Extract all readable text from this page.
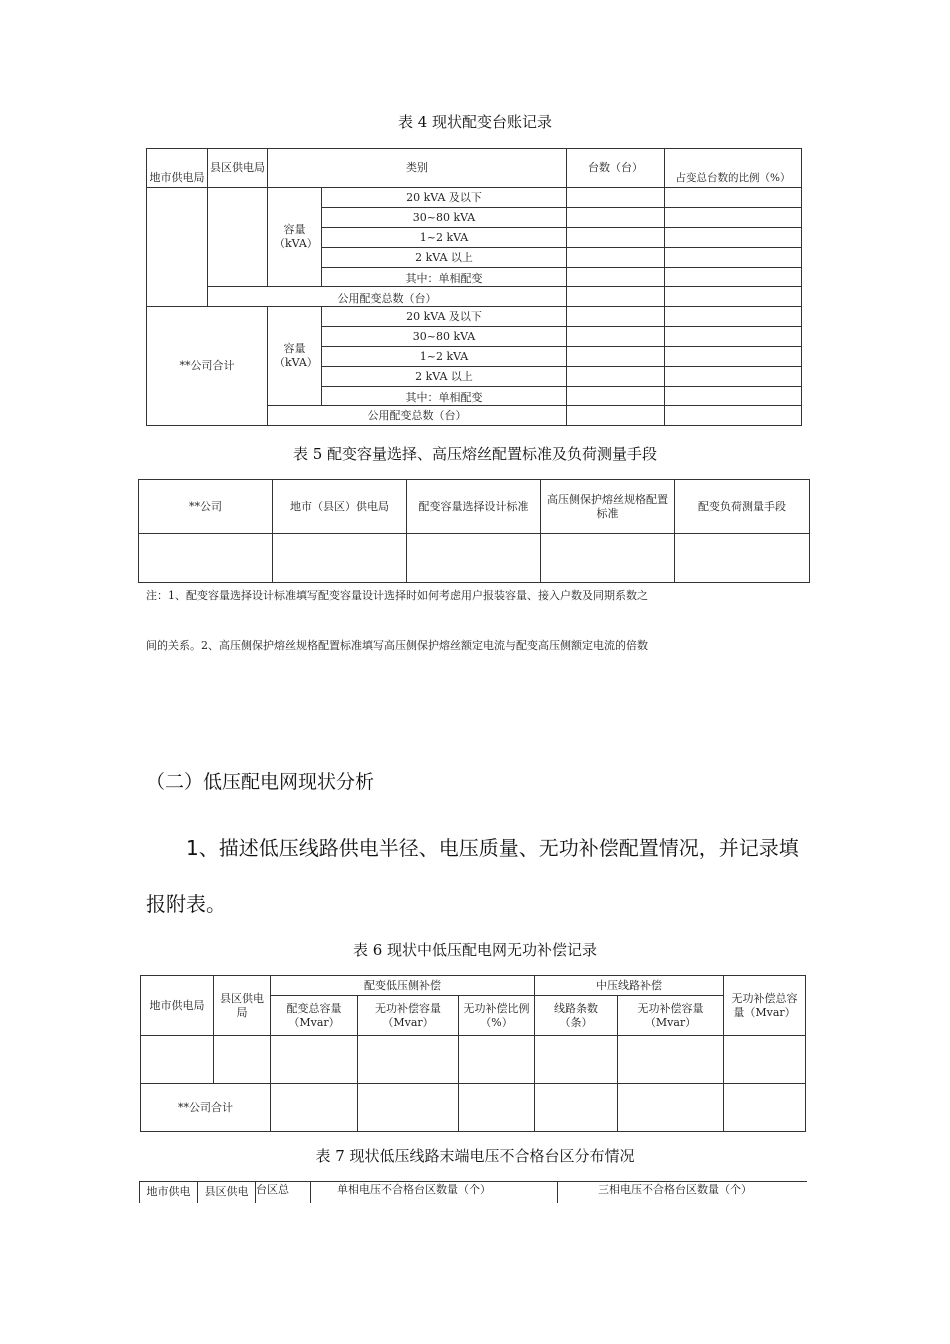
表 4 现状配变台账记录
地市供电局	县区供电局	类别		台数（台）	占变总台数的比例（%）
		容量（kVA）	20 kVA 及以下		
			30~80 kVA		
			1~2 kVA		
			2 kVA 以上		
			其中：单相配变		
	公用配变总数（台）				
**公司合计		容量（kVA）	20 kVA 及以下		
			30~80 kVA		
			1~2 kVA		
			2 kVA 以上		
			其中：单相配变		
		公用配变总数（台）			
表 5 配变容量选择、高压熔丝配置标准及负荷测量手段
**公司	地市（县区）供电局	配变容量选择设计标准	高压侧保护熔丝规格配置标准	配变负荷测量手段

注：1、配变容量选择设计标准填写配变容量设计选择时如何考虑用户报装容量、接入户数及同期系数之
间的关系。2、高压侧保护熔丝规格配置标准填写高压侧保护熔丝额定电流与配变高压侧额定电流的倍数
（二）低压配电网现状分析
1、描述低压线路供电半径、电压质量、无功补偿配置情况，并记录填报附表。
表 6 现状中低压配电网无功补偿记录
地市供电局	县区供电局	配变低压侧补偿			中压线路补偿		无功补偿总容量（Mvar）
		配变总容量（Mvar）	无功补偿容量（Mvar）	无功补偿比例（%）	线路条数（条）	无功补偿容量（Mvar）	

**公司合计							
表 7 现状低压线路末端电压不合格台区分布情况
地市供电	县区供电	台区总	单相电压不合格台区数量（个）	三相电压不合格台区数量（个）
